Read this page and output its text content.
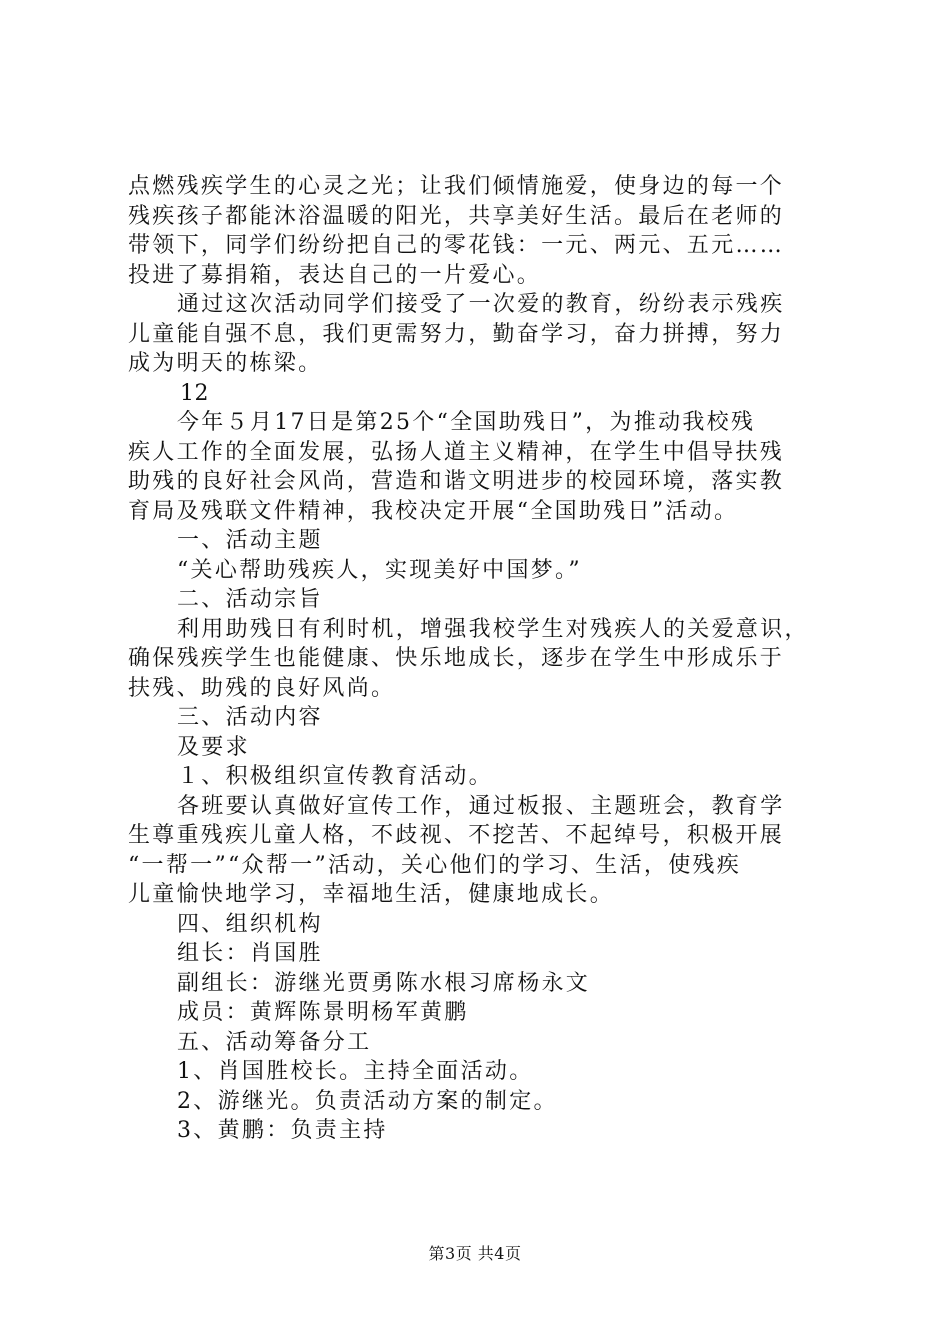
点燃残疾学生的心灵之光；让我们倾情施爱，使身边的每一个
残疾孩子都能沐浴温暖的阳光，共享美好生活。最后在老师的
带领下，同学们纷纷把自己的零花钱：一元、两元、五元……
投进了募捐箱，表达自己的一片爱心。
通过这次活动同学们接受了一次爱的教育，纷纷表示残疾
儿童能自强不息，我们更需努力，勤奋学习，奋力拼搏，努力
成为明天的栋梁。
12
今年５月17日是第25个“全国助残日”，为推动我校残
疾人工作的全面发展，弘扬人道主义精神，在学生中倡导扶残
助残的良好社会风尚，营造和谐文明进步的校园环境，落实教
育局及残联文件精神，我校决定开展“全国助残日”活动。
一、活动主题
“关心帮助残疾人，实现美好中国梦。”
二、活动宗旨
利用助残日有利时机，增强我校学生对残疾人的关爱意识，
确保残疾学生也能健康、快乐地成长，逐步在学生中形成乐于
扶残、助残的良好风尚。
三、活动内容
及要求
１、积极组织宣传教育活动。
各班要认真做好宣传工作，通过板报、主题班会，教育学
生尊重残疾儿童人格，不歧视、不挖苦、不起绰号，积极开展
“一帮一”“众帮一”活动，关心他们的学习、生活，使残疾
儿童愉快地学习，幸福地生活，健康地成长。
四、组织机构
组长：肖国胜
副组长：游继光贾勇陈水根习席杨永文
成员：黄辉陈景明杨军黄鹏
五、活动筹备分工
1、肖国胜校长。主持全面活动。
2、游继光。负责活动方案的制定。
3、黄鹏：负责主持
第3页 共4页
